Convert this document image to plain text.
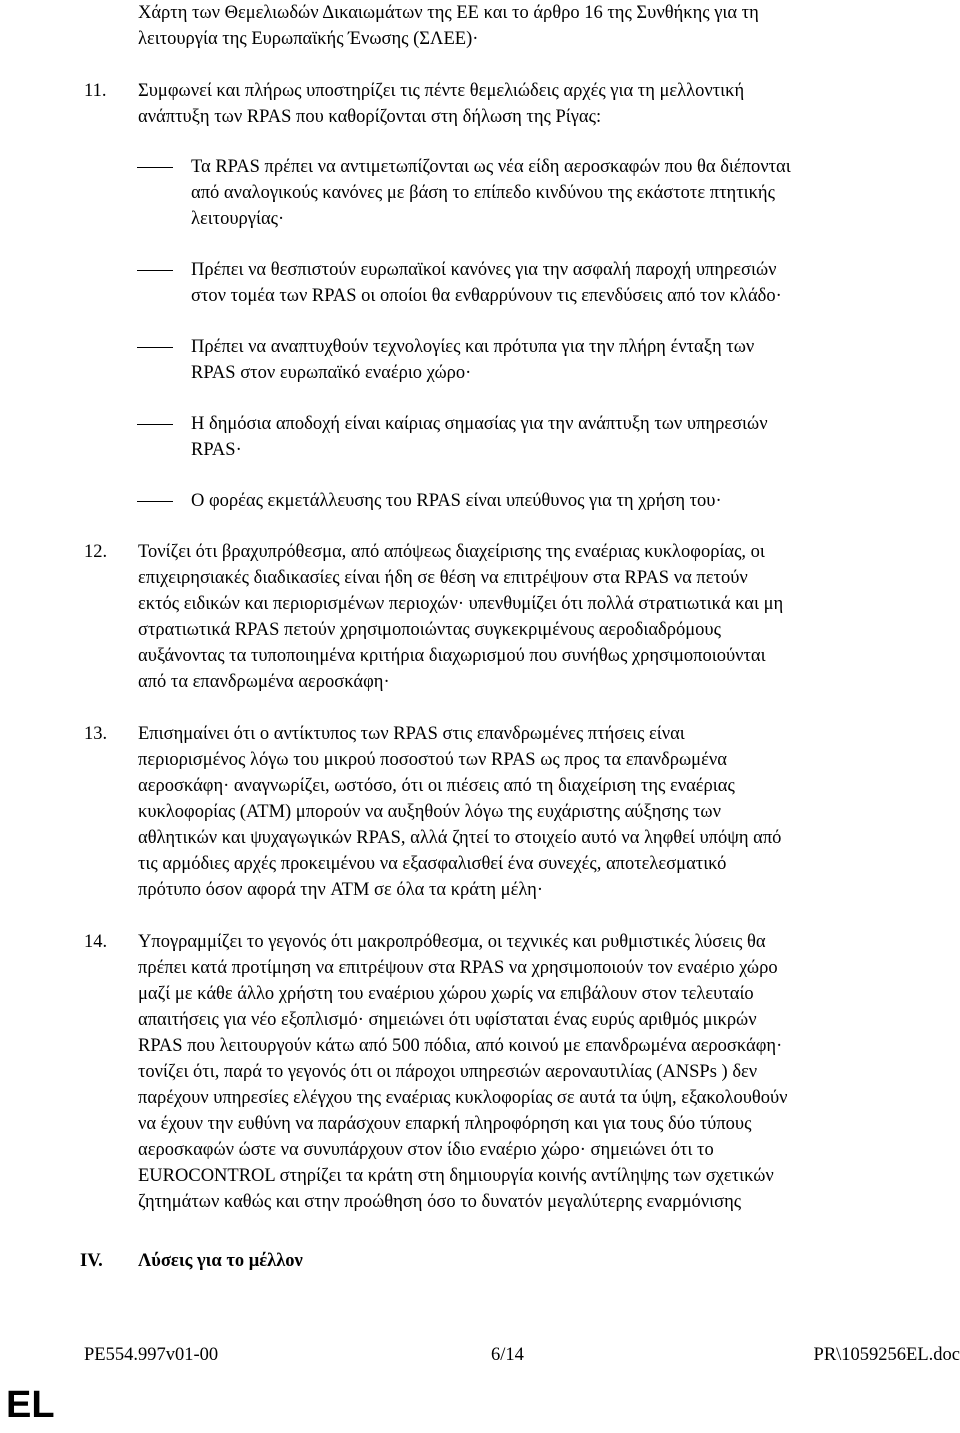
Χάρτη των Θεμελιωδών Δικαιωμάτων της ΕΕ και το άρθρο 16 της Συνθήκης για τη
λειτουργία της Ευρωπαϊκής Ένωσης (ΣΛΕΕ)·
11. Συμφωνεί και πλήρως υποστηρίζει τις πέντε θεμελιώδεις αρχές για τη μελλοντική
ανάπτυξη των RPAS που καθορίζονται στη δήλωση της Ρίγας:
Τα RPAS πρέπει να αντιμετωπίζονται ως νέα είδη αεροσκαφών που θα διέπονται
από αναλογικούς κανόνες με βάση το επίπεδο κινδύνου της εκάστοτε πτητικής
λειτουργίας·
Πρέπει να θεσπιστούν ευρωπαϊκοί κανόνες για την ασφαλή παροχή υπηρεσιών
στον τομέα των RPAS οι οποίοι θα ενθαρρύνουν τις επενδύσεις από τον κλάδο·
Πρέπει να αναπτυχθούν τεχνολογίες και πρότυπα για την πλήρη ένταξη των
RPAS στον ευρωπαϊκό εναέριο χώρο·
Η δημόσια αποδοχή είναι καίριας σημασίας για την ανάπτυξη των υπηρεσιών
RPAS·
Ο φορέας εκμετάλλευσης του RPAS είναι υπεύθυνος για τη χρήση του·
12. Τονίζει ότι βραχυπρόθεσμα, από απόψεως διαχείρισης της εναέριας κυκλοφορίας, οι
επιχειρησιακές διαδικασίες είναι ήδη σε θέση να επιτρέψουν στα RPAS να πετούν
εκτός ειδικών και περιορισμένων περιοχών· υπενθυμίζει ότι πολλά στρατιωτικά και μη
στρατιωτικά RPAS πετούν χρησιμοποιώντας συγκεκριμένους αεροδιαδρόμους
αυξάνοντας τα τυποποιημένα κριτήρια διαχωρισμού που συνήθως χρησιμοποιούνται
από τα επανδρωμένα αεροσκάφη·
13. Επισημαίνει ότι ο αντίκτυπος των RPAS στις επανδρωμένες πτήσεις είναι
περιορισμένος λόγω του μικρού ποσοστού των RPAS ως προς τα επανδρωμένα
αεροσκάφη· αναγνωρίζει, ωστόσο, ότι οι πιέσεις από τη διαχείριση της εναέριας
κυκλοφορίας (ATM) μπορούν να αυξηθούν λόγω της ευχάριστης αύξησης των
αθλητικών και ψυχαγωγικών RPAS, αλλά ζητεί το στοιχείο αυτό να ληφθεί υπόψη από
τις αρμόδιες αρχές προκειμένου να εξασφαλισθεί ένα συνεχές, αποτελεσματικό
πρότυπο όσον αφορά την ATM σε όλα τα κράτη μέλη·
14. Υπογραμμίζει το γεγονός ότι μακροπρόθεσμα, οι τεχνικές και ρυθμιστικές λύσεις θα
πρέπει κατά προτίμηση να επιτρέψουν στα RPAS να χρησιμοποιούν τον εναέριο χώρο
μαζί με κάθε άλλο χρήστη του εναέριου χώρου χωρίς να επιβάλουν στον τελευταίο
απαιτήσεις για νέο εξοπλισμό· σημειώνει ότι υφίσταται ένας ευρύς αριθμός μικρών
RPAS που λειτουργούν κάτω από 500 πόδια, από κοινού με επανδρωμένα αεροσκάφη·
τονίζει ότι, παρά το γεγονός ότι οι πάροχοι υπηρεσιών αεροναυτιλίας (ANSPs ) δεν
παρέχουν υπηρεσίες ελέγχου της εναέριας κυκλοφορίας σε αυτά τα ύψη, εξακολουθούν
να έχουν την ευθύνη να παράσχουν επαρκή πληροφόρηση και για τους δύο τύπους
αεροσκαφών ώστε να συνυπάρχουν στον ίδιο εναέριο χώρο· σημειώνει ότι το
EUROCONTROL στηρίζει τα κράτη στη δημιουργία κοινής αντίληψης των σχετικών
ζητημάτων καθώς και στην προώθηση όσο το δυνατόν μεγαλύτερης εναρμόνισης
IV. Λύσεις για το μέλλον
PE554.997v01-00	6/14	PR\1059256EL.doc
EL
